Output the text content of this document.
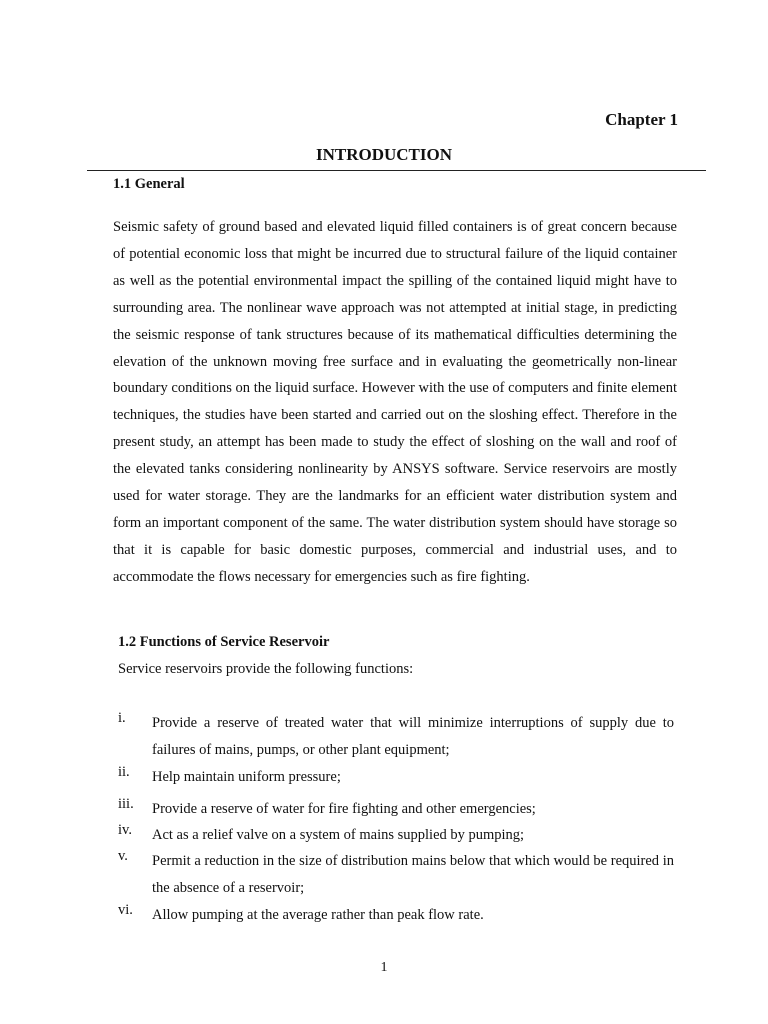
Chapter 1
INTRODUCTION
1.1 General

Seismic safety of ground based and elevated liquid filled containers is of great concern because of potential economic loss that might be incurred due to structural failure of the liquid container as well as the potential environmental impact the spilling of the contained liquid might have to surrounding area. The nonlinear wave approach was not attempted at initial stage, in predicting the seismic response of tank structures because of its mathematical difficulties determining the elevation of the unknown moving free surface and in evaluating the geometrically non-linear boundary conditions on the liquid surface. However with the use of computers and finite element techniques, the studies have been started and carried out on the sloshing effect. Therefore in the present study, an attempt has been made to study the effect of sloshing on the wall and roof of the elevated tanks considering nonlinearity by ANSYS software. Service reservoirs are mostly used for water storage. They are the landmarks for an efficient water distribution system and form an important component of the same. The water distribution system should have storage so that it is capable for basic domestic purposes, commercial and industrial uses, and to accommodate the flows necessary for emergencies such as fire fighting.

1.2 Functions of Service Reservoir
Service reservoirs provide the following functions:
i. Provide a reserve of treated water that will minimize interruptions of supply due to failures of mains, pumps, or other plant equipment;
ii. Help maintain uniform pressure;
iii. Provide a reserve of water for fire fighting and other emergencies;
iv. Act as a relief valve on a system of mains supplied by pumping;
v. Permit a reduction in the size of distribution mains below that which would be required in the absence of a reservoir;
vi. Allow pumping at the average rather than peak flow rate.
1
